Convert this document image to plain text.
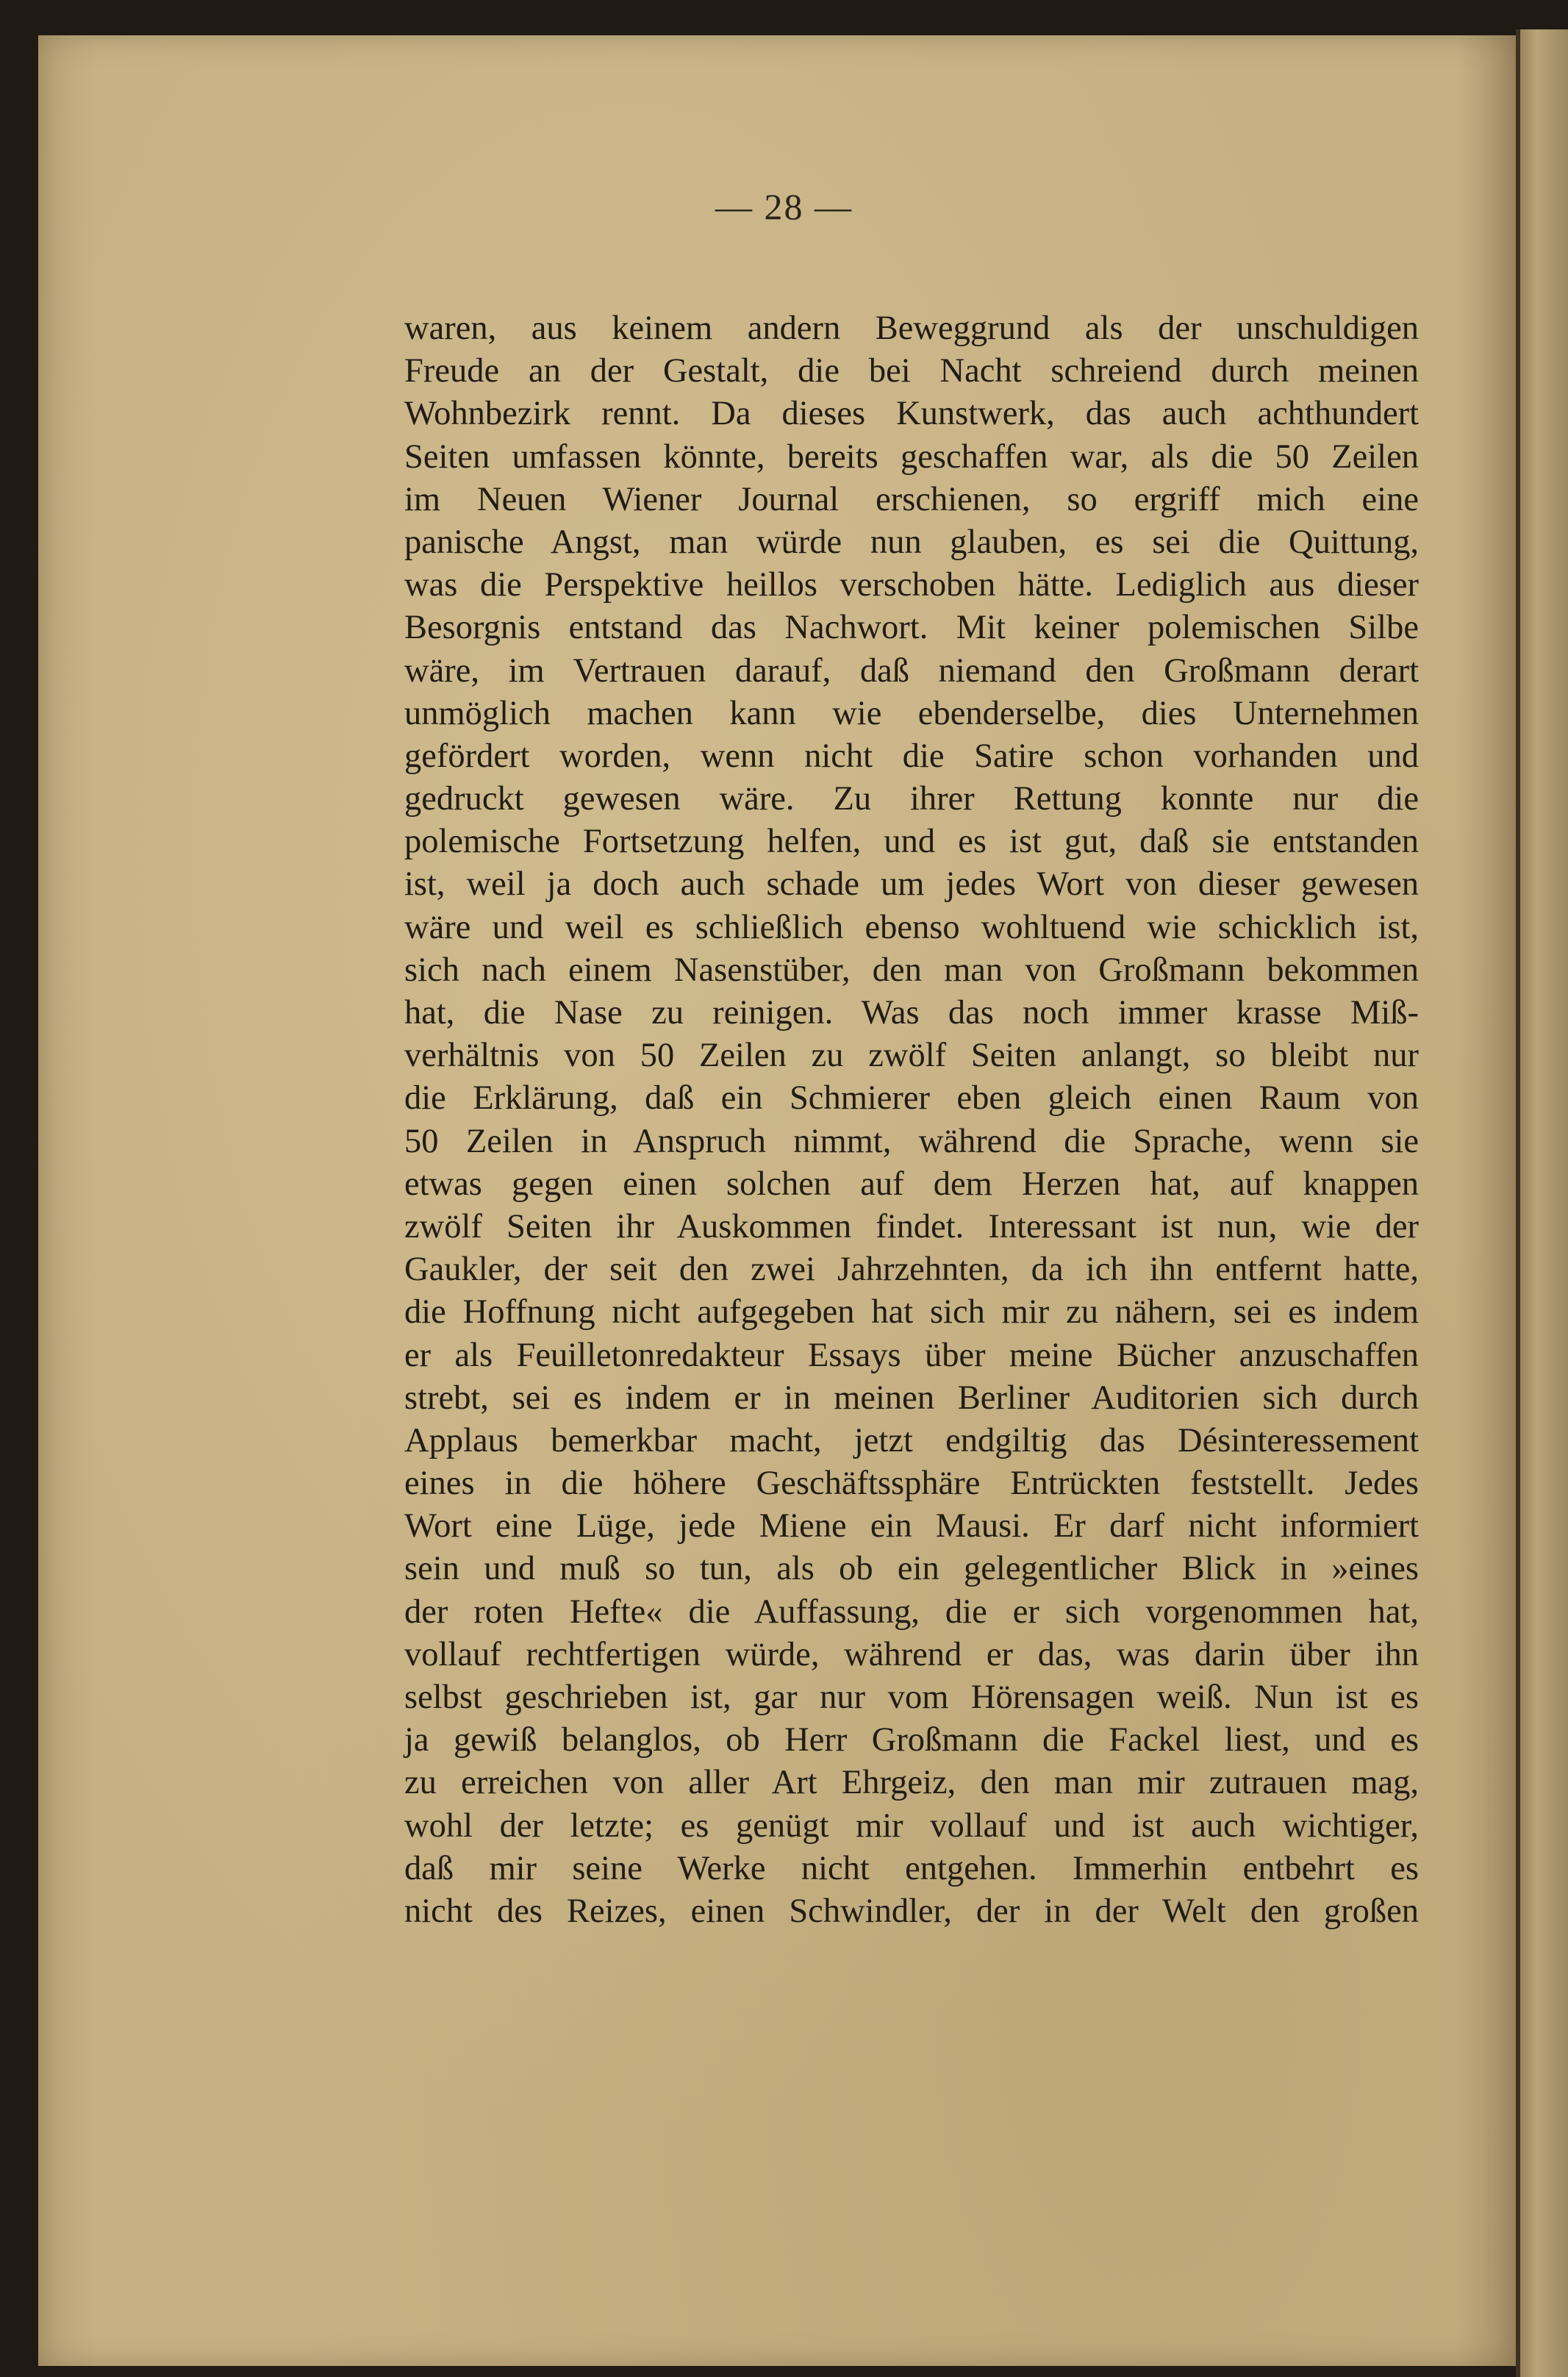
— 28 —
waren, aus keinem andern Beweggrund als der unschuldigen
Freude an der Gestalt, die bei Nacht schreiend durch meinen
Wohnbezirk rennt. Da dieses Kunstwerk, das auch achthundert
Seiten umfassen könnte, bereits geschaffen war, als die 50 Zeilen
im Neuen Wiener Journal erschienen, so ergriff mich eine
panische Angst, man würde nun glauben, es sei die Quittung,
was die Perspektive heillos verschoben hätte. Lediglich aus dieser
Besorgnis entstand das Nachwort. Mit keiner polemischen Silbe
wäre, im Vertrauen darauf, daß niemand den Großmann derart
unmöglich machen kann wie ebenderselbe, dies Unternehmen
gefördert worden, wenn nicht die Satire schon vorhanden und
gedruckt gewesen wäre. Zu ihrer Rettung konnte nur die
polemische Fortsetzung helfen, und es ist gut, daß sie entstanden
ist, weil ja doch auch schade um jedes Wort von dieser gewesen
wäre und weil es schließlich ebenso wohltuend wie schicklich ist,
sich nach einem Nasenstüber, den man von Großmann bekommen
hat, die Nase zu reinigen. Was das noch immer krasse Miß-
verhältnis von 50 Zeilen zu zwölf Seiten anlangt, so bleibt nur
die Erklärung, daß ein Schmierer eben gleich einen Raum von
50 Zeilen in Anspruch nimmt, während die Sprache, wenn sie
etwas gegen einen solchen auf dem Herzen hat, auf knappen
zwölf Seiten ihr Auskommen findet. Interessant ist nun, wie der
Gaukler, der seit den zwei Jahrzehnten, da ich ihn entfernt hatte,
die Hoffnung nicht aufgegeben hat sich mir zu nähern, sei es indem
er als Feuilletonredakteur Essays über meine Bücher anzuschaffen
strebt, sei es indem er in meinen Berliner Auditorien sich durch
Applaus bemerkbar macht, jetzt endgiltig das Désinteressement
eines in die höhere Geschäftssphäre Entrückten feststellt. Jedes
Wort eine Lüge, jede Miene ein Mausi. Er darf nicht informiert
sein und muß so tun, als ob ein gelegentlicher Blick in »eines
der roten Hefte« die Auffassung, die er sich vorgenommen hat,
vollauf rechtfertigen würde, während er das, was darin über ihn
selbst geschrieben ist, gar nur vom Hörensagen weiß. Nun ist es
ja gewiß belanglos, ob Herr Großmann die Fackel liest, und es
zu erreichen von aller Art Ehrgeiz, den man mir zutrauen mag,
wohl der letzte; es genügt mir vollauf und ist auch wichtiger,
daß mir seine Werke nicht entgehen. Immerhin entbehrt es
nicht des Reizes, einen Schwindler, der in der Welt den großen
